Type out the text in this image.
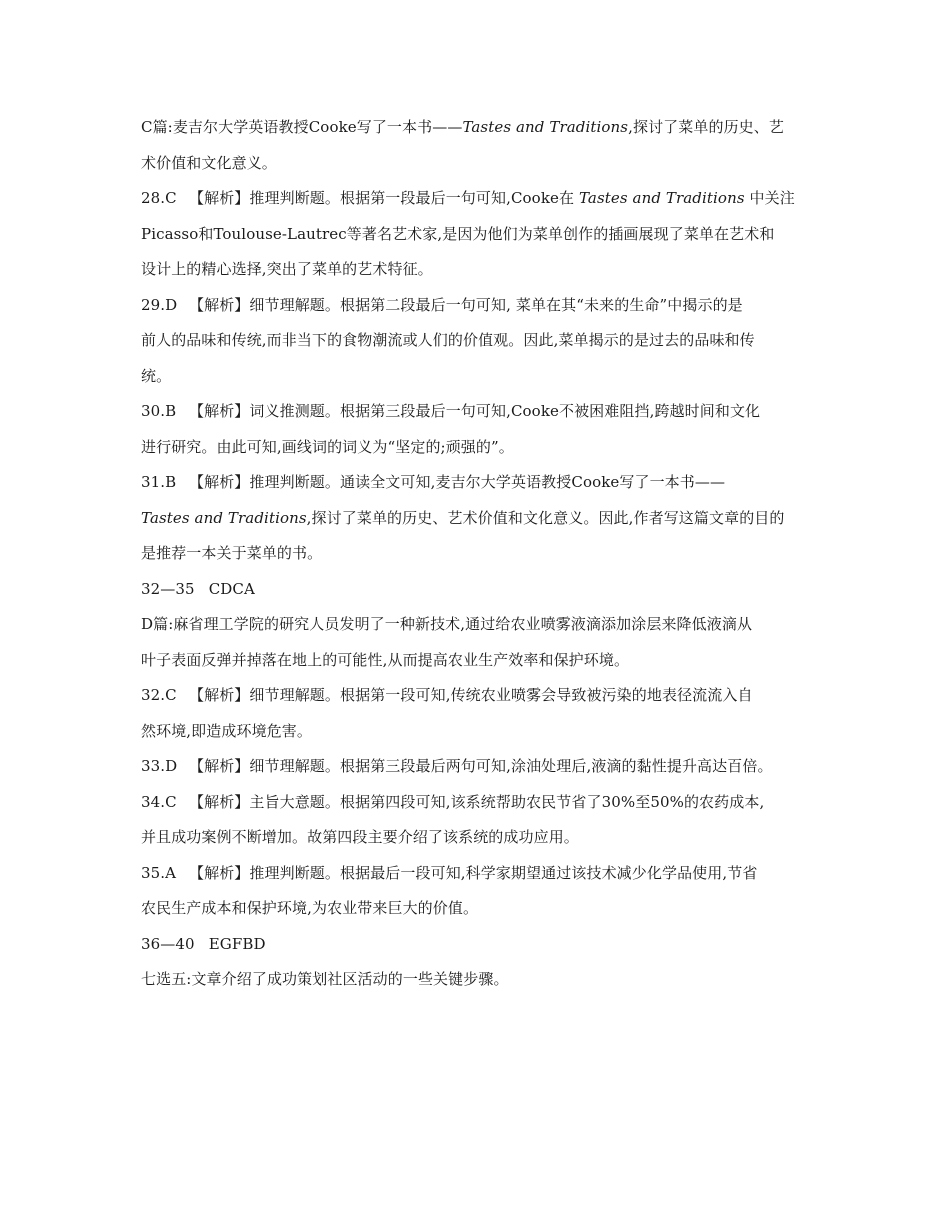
C篇:麦吉尔大学英语教授Cooke写了一本书——Tastes and Traditions,探讨了菜单的历史、艺
术价值和文化意义。
28.C 【解析】推理判断题。根据第一段最后一句可知,Cooke在 Tastes and Traditions 中关注
Picasso和Toulouse-Lautrec等著名艺术家,是因为他们为菜单创作的插画展现了菜单在艺术和
设计上的精心选择,突出了菜单的艺术特征。
29.D 【解析】细节理解题。根据第二段最后一句可知, 菜单在其“未来的生命”中揭示的是
前人的品味和传统,而非当下的食物潮流或人们的价值观。因此,菜单揭示的是过去的品味和传
统。
30.B 【解析】词义推测题。根据第三段最后一句可知,Cooke不被困难阻挡,跨越时间和文化
进行研究。由此可知,画线词的词义为“坚定的;顽强的”。
31.B 【解析】推理判断题。通读全文可知,麦吉尔大学英语教授Cooke写了一本书——
Tastes and Traditions,探讨了菜单的历史、艺术价值和文化意义。因此,作者写这篇文章的目的
是推荐一本关于菜单的书。
32—35 CDCA
D篇:麻省理工学院的研究人员发明了一种新技术,通过给农业喷雾液滴添加涂层来降低液滴从
叶子表面反弹并掉落在地上的可能性,从而提高农业生产效率和保护环境。
32.C 【解析】细节理解题。根据第一段可知,传统农业喷雾会导致被污染的地表径流流入自
然环境,即造成环境危害。
33.D 【解析】细节理解题。根据第三段最后两句可知,涂油处理后,液滴的黏性提升高达百倍。
34.C 【解析】主旨大意题。根据第四段可知,该系统帮助农民节省了30%至50%的农药成本,
并且成功案例不断增加。故第四段主要介绍了该系统的成功应用。
35.A 【解析】推理判断题。根据最后一段可知,科学家期望通过该技术减少化学品使用,节省
农民生产成本和保护环境,为农业带来巨大的价值。
36—40 EGFBD
七选五:文章介绍了成功策划社区活动的一些关键步骤。
